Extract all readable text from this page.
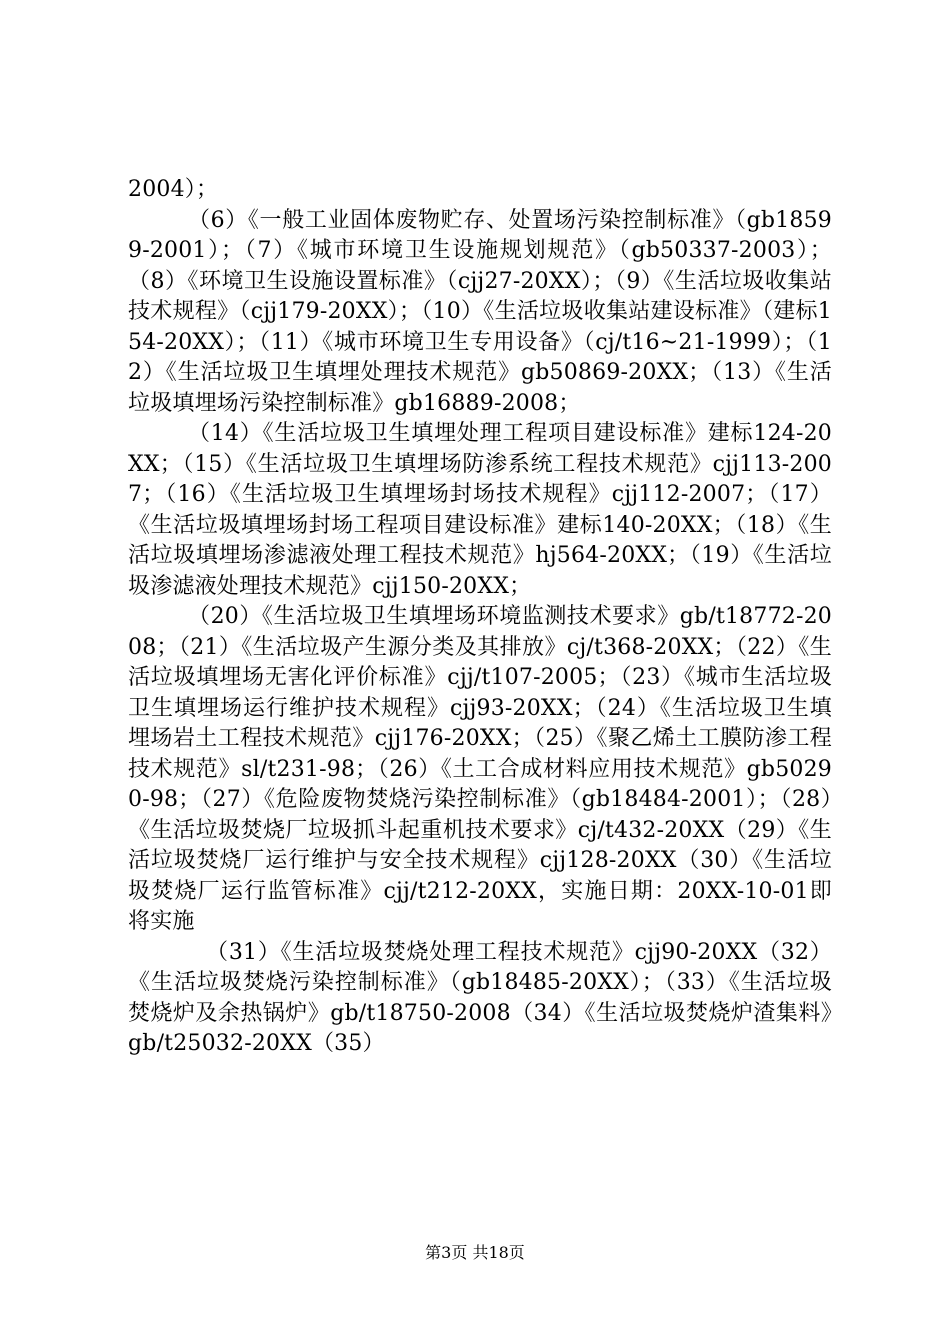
2004）；

（6）《一般工业固体废物贮存、处置场污染控制标准》（gb18599-2001）；（7）《城市环境卫生设施规划规范》（gb50337-2003）；（8）《环境卫生设施设置标准》（cjj27-20XX）；（9）《生活垃圾收集站技术规程》（cjj179-20XX）；（10）《生活垃圾收集站建设标准》（建标154-20XX）；（11）《城市环境卫生专用设备》（cj/t16~21-1999）；（12）《生活垃圾卫生填埋处理技术规范》gb50869-20XX；（13）《生活垃圾填埋场污染控制标准》gb16889-2008；

（14）《生活垃圾卫生填埋处理工程项目建设标准》建标124-20XX；（15）《生活垃圾卫生填埋场防渗系统工程技术规范》cjj113-2007；（16）《生活垃圾卫生填埋场封场技术规程》cjj112-2007；（17）《生活垃圾填埋场封场工程项目建设标准》建标140-20XX；（18）《生活垃圾填埋场渗滤液处理工程技术规范》hj564-20XX；（19）《生活垃圾渗滤液处理技术规范》cjj150-20XX；

（20）《生活垃圾卫生填埋场环境监测技术要求》gb/t18772-2008；（21）《生活垃圾产生源分类及其排放》cj/t368-20XX；（22）《生活垃圾填埋场无害化评价标准》cjj/t107-2005；（23）《城市生活垃圾卫生填埋场运行维护技术规程》cjj93-20XX；（24）《生活垃圾卫生填埋场岩土工程技术规范》cjj176-20XX；（25）《聚乙烯土工膜防渗工程技术规范》sl/t231-98；（26）《土工合成材料应用技术规范》gb50290-98；（27）《危险废物焚烧污染控制标准》（gb18484-2001）；（28）《生活垃圾焚烧厂垃圾抓斗起重机技术要求》cj/t432-20XX（29）《生活垃圾焚烧厂运行维护与安全技术规程》cjj128-20XX（30）《生活垃圾焚烧厂运行监管标准》cjj/t212-20XX，实施日期：20XX-10-01即将实施

（31）《生活垃圾焚烧处理工程技术规范》cjj90-20XX（32）《生活垃圾焚烧污染控制标准》（gb18485-20XX）；（33）《生活垃圾焚烧炉及余热锅炉》gb/t18750-2008（34）《生活垃圾焚烧炉渣集料》gb/t25032-20XX（35）

第3页 共18页
